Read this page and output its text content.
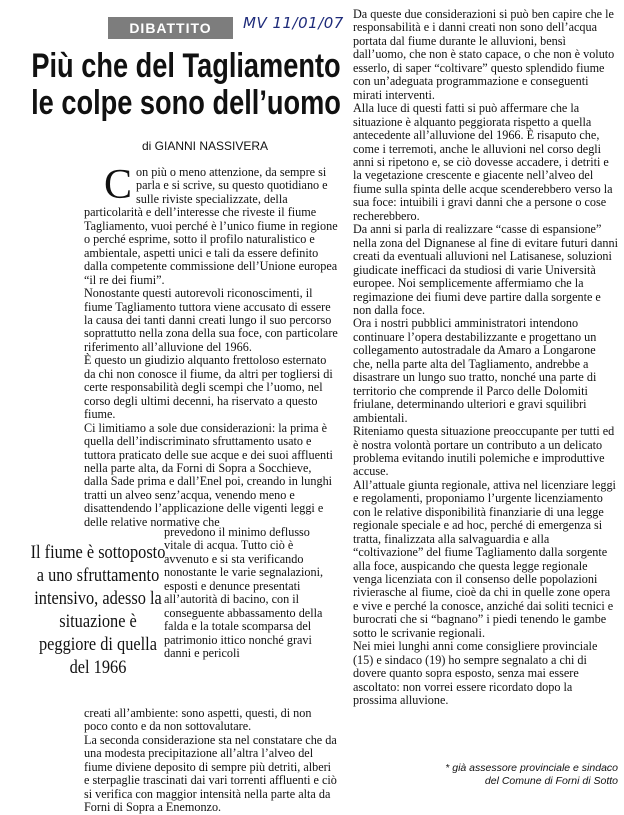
DIBATTITO	MV 11/01/07
Più che del Tagliamento
le colpe sono dell’uomo
di GIANNI NASSIVERA

Con più o meno attenzione, da sempre si parla e si scrive, su questo quotidiano e sulle riviste specializzate, della particolarità e dell’interesse che riveste il fiume Tagliamento, vuoi perché è l’unico fiume in regione o perché esprime, sotto il profilo naturalistico e ambientale, aspetti unici e tali da essere definito dalla competente commissione dell’Unione europea “il re dei fiumi”.

Nonostante questi autorevoli riconoscimenti, il fiume Tagliamento tuttora viene accusato di essere la causa dei tanti danni creati lungo il suo percorso soprattutto nella zona della sua foce, con particolare riferimento all’alluvione del 1966.

È questo un giudizio alquanto frettoloso esternato da chi non conosce il fiume, da altri per togliersi di certe responsabilità degli scempi che l’uomo, nel corso degli ultimi decenni, ha riservato a questo fiume.

Ci limitiamo a sole due considerazioni: la prima è quella dell’indiscriminato sfruttamento usato e tuttora praticato delle sue acque e dei suoi affluenti nella parte alta, da Forni di Sopra a Socchieve, dalla Sade prima e dall’Enel poi, creando in lunghi tratti un alveo senz’acqua, venendo meno e disattendendo l’applicazione delle vigenti leggi e delle relative normative che

prevedono il minimo deflusso vitale di acqua. Tutto ciò è avvenuto e si sta verificando nonostante le varie segnalazioni, esposti e denunce presentati all’autorità di bacino, con il conseguente abbassamento della falda e la totale scomparsa del patrimonio ittico nonché gravi danni e pericoli

Il fiume è sottoposto a uno sfruttamento intensivo, adesso la situazione è peggiore di quella del 1966

creati all’ambiente: sono aspetti, questi, di non poco conto e da non sottovalutare.

La seconda considerazione sta nel constatare che da una modesta precipitazione all’altra l’alveo del fiume diviene deposito di sempre più detriti, alberi e sterpaglie trascinati dai vari torrenti affluenti e ciò si verifica con maggior intensità nella parte alta da Forni di Sopra a Enemonzo.

Da queste due considerazioni si può ben capire che le responsabilità e i danni creati non sono dell’acqua portata dal fiume durante le alluvioni, bensì dall’uomo, che non è stato capace, o che non è voluto esserlo, di saper “coltivare” questo splendido fiume con un’adeguata programmazione e conseguenti mirati interventi.

Alla luce di questi fatti si può affermare che la situazione è alquanto peggiorata rispetto a quella antecedente all’alluvione del 1966. È risaputo che, come i terremoti, anche le alluvioni nel corso degli anni si ripetono e, se ciò dovesse accadere, i detriti e la vegetazione crescente e giacente nell’alveo del fiume sulla spinta delle acque scenderebbero verso la sua foce: intuibili i gravi danni che a persone o cose recherebbero.

Da anni si parla di realizzare “casse di espansione” nella zona del Dignanese al fine di evitare futuri danni creati da eventuali alluvioni nel Latisanese, soluzioni giudicate inefficaci da studiosi di varie Università europee. Noi semplicemente affermiamo che la regimazione dei fiumi deve partire dalla sorgente e non dalla foce.

Ora i nostri pubblici amministratori intendono continuare l’opera destabilizzante e progettano un collegamento autostradale da Amaro a Longarone che, nella parte alta del Tagliamento, andrebbe a disastrare un lungo suo tratto, nonché una parte di territorio che comprende il Parco delle Dolomiti friulane, determinando ulteriori e gravi squilibri ambientali.

Riteniamo questa situazione preoccupante per tutti ed è nostra volontà portare un contributo a un delicato problema evitando inutili polemiche e improduttive accuse.

All’attuale giunta regionale, attiva nel licenziare leggi e regolamenti, proponiamo l’urgente licenziamento con le relative disponibilità finanziarie di una legge regionale speciale e ad hoc, perché di emergenza si tratta, finalizzata alla salvaguardia e alla “coltivazione” del fiume Tagliamento dalla sorgente alla foce, auspicando che questa legge regionale venga licenziata con il consenso delle popolazioni rivierasche al fiume, cioè da chi in quelle zone opera e vive e perché la conosce, anziché dai soliti tecnici e burocrati che si “bagnano” i piedi tenendo le gambe sotto le scrivanie regionali.

Nei miei lunghi anni come consigliere provinciale (15) e sindaco (19) ho sempre segnalato a chi di dovere quanto sopra esposto, senza mai essere ascoltato: non vorrei essere ricordato dopo la prossima alluvione.

* già assessore provinciale e sindaco
del Comune di Forni di Sotto
